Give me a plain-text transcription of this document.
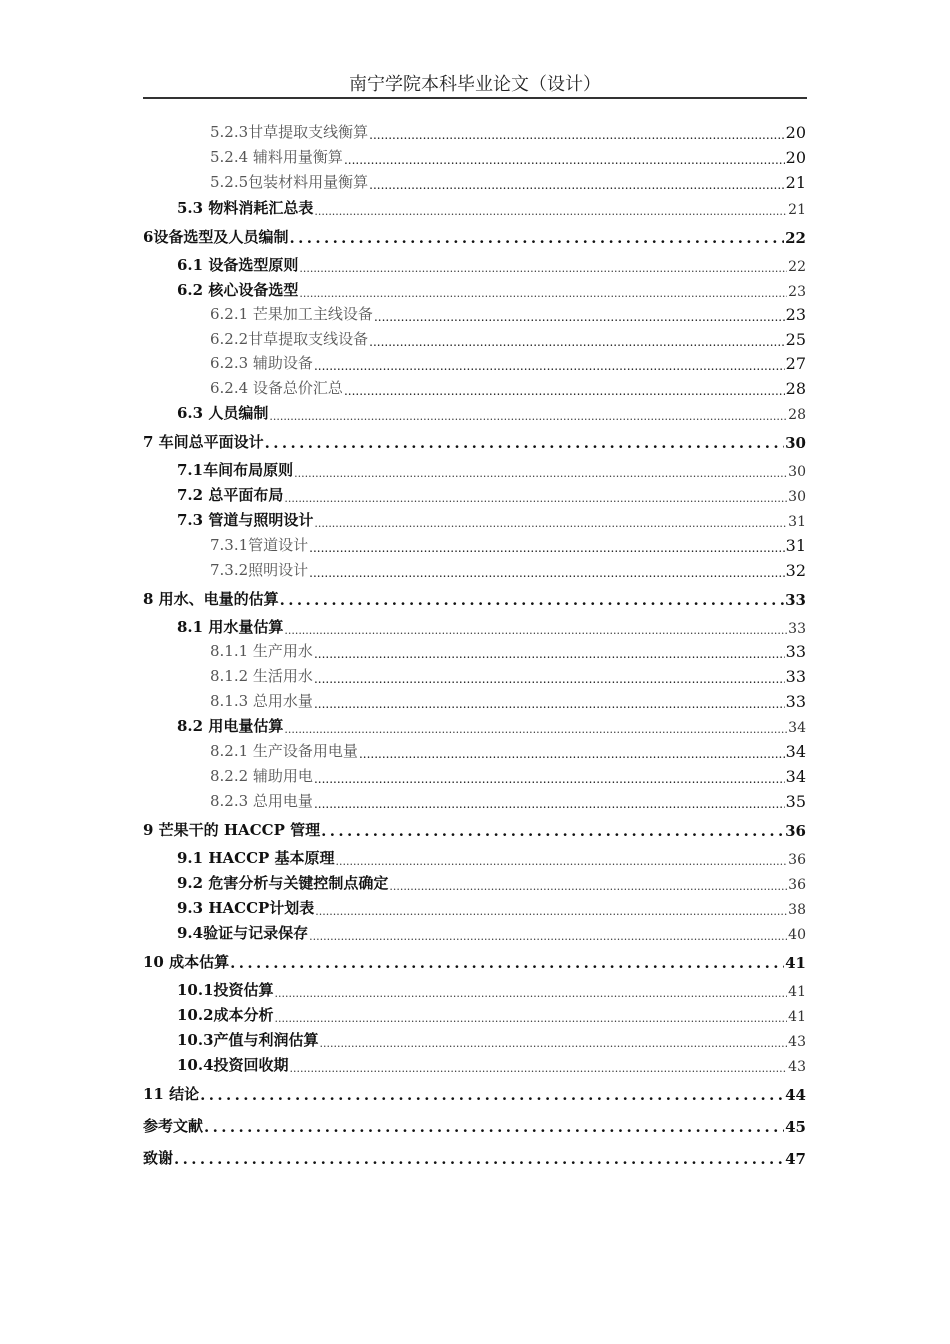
南宁学院本科毕业论文（设计）
5.2.3甘草提取支线衡算 .....	20
5.2.4 辅料用量衡算 .....	20
5.2.5包装材料用量衡算 .....	21
5.3 物料消耗汇总表 .....	21
6设备选型及人员编制 .....	22
6.1 设备选型原则 .....	22
6.2 核心设备选型 .....	23
6.2.1 芒果加工主线设备 .....	23
6.2.2甘草提取支线设备 .....	25
6.2.3 辅助设备 .....	27
6.2.4 设备总价汇总 .....	28
6.3 人员编制 .....	28
7 车间总平面设计 .....	30
7.1车间布局原则 .....	30
7.2 总平面布局 .....	30
7.3 管道与照明设计 .....	31
7.3.1管道设计 .....	31
7.3.2照明设计 .....	32
8 用水、电量的估算 .....	33
8.1 用水量估算 .....	33
8.1.1 生产用水 .....	33
8.1.2 生活用水 .....	33
8.1.3 总用水量 .....	33
8.2 用电量估算 .....	34
8.2.1 生产设备用电量 .....	34
8.2.2 辅助用电 .....	34
8.2.3 总用电量 .....	35
9 芒果干的 HACCP 管理 .....	36
9.1 HACCP 基本原理 .....	36
9.2 危害分析与关键控制点确定 .....	36
9.3 HACCP计划表 .....	38
9.4验证与记录保存 .....	40
10 成本估算 .....	41
10.1投资估算 .....	41
10.2成本分析 .....	41
10.3产值与利润估算 .....	43
10.4投资回收期 .....	43
11 结论 .....	44
参考文献 .....	45
致谢 .....	47
